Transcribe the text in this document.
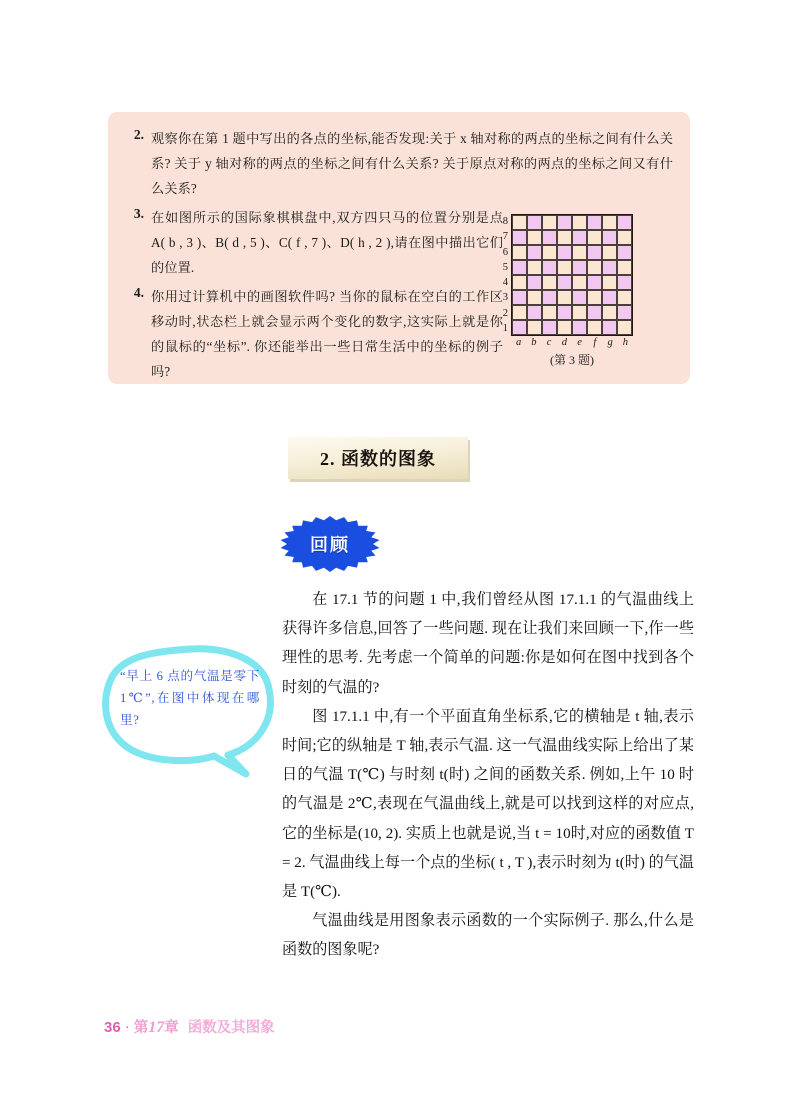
2. 观察你在第 1 题中写出的各点的坐标,能否发现:关于 x 轴对称的两点的坐标之间有什么关系? 关于 y 轴对称的两点的坐标之间有什么关系? 关于原点对称的两点的坐标之间又有什么关系?
3. 在如图所示的国际象棋棋盘中,双方四只马的位置分别是点 A( b , 3 )、B( d , 5 )、C( f , 7 )、D( h , 2 ),请在图中描出它们的位置.
4. 你用过计算机中的画图软件吗? 当你的鼠标在空白的工作区移动时,状态栏上就会显示两个变化的数字,这实际上就是你的鼠标的“坐标”. 你还能举出一些日常生活中的坐标的例子吗?
8
7
6
5
4
3
2
1
a b c d e	f	g h
(第 3 题)
2. 函数的图象
回顾
“早上 6 点的气温是零下 1℃”,在图中体现在哪里?

在 17.1 节的问题 1 中,我们曾经从图 17.1.1 的气温曲线上获得许多信息,回答了一些问题. 现在让我们来回顾一下,作一些理性的思考. 先考虑一个简单的问题:你是如何在图中找到各个时刻的气温的?

图 17.1.1 中,有一个平面直角坐标系,它的横轴是 t 轴,表示时间;它的纵轴是 T 轴,表示气温. 这一气温曲线实际上给出了某日的气温 T(℃) 与时刻 t(时) 之间的函数关系. 例如,上午 10 时的气温是 2℃,表现在气温曲线上,就是可以找到这样的对应点,它的坐标是(10, 2). 实质上也就是说,当 t = 10时,对应的函数值 T = 2. 气温曲线上每一个点的坐标( t , T ),表示时刻为 t(时) 的气温是 T(℃).

气温曲线是用图象表示函数的一个实际例子. 那么,什么是函数的图象呢?

36 · 第17章 函数及其图象
